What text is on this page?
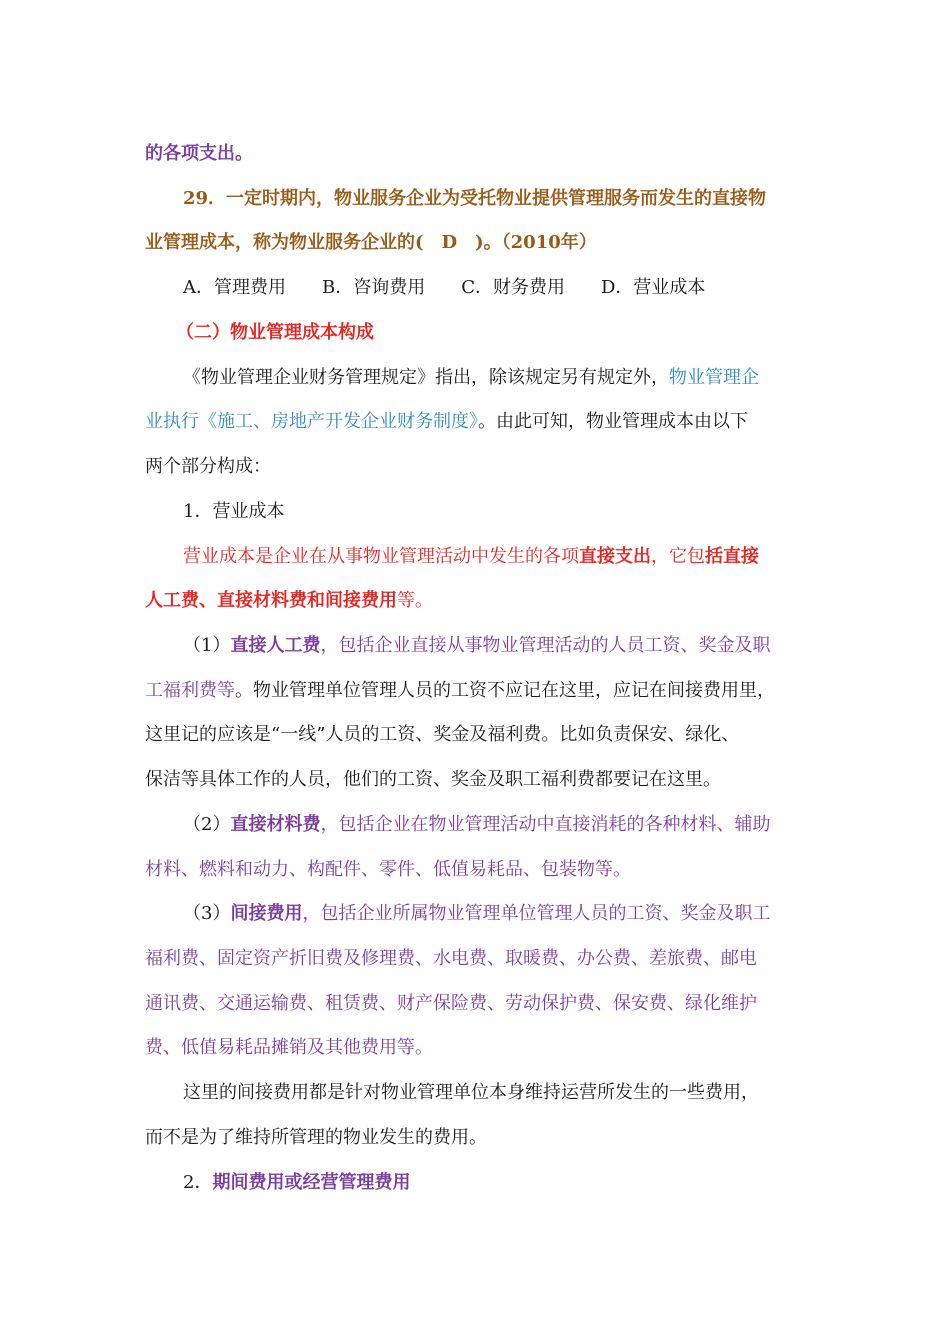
的各项支出。
29．一定时期内，物业服务企业为受托物业提供管理服务而发生的直接物
业管理成本，称为物业服务企业的(　D　)。（2010年）
A．管理费用　　B．咨询费用　　C．财务费用　　D．营业成本
（二）物业管理成本构成
《物业管理企业财务管理规定》指出，除该规定另有规定外，物业管理企
业执行《施工、房地产开发企业财务制度》。由此可知，物业管理成本由以下
两个部分构成：
1．营业成本
营业成本是企业在从事物业管理活动中发生的各项直接支出，它包括直接
人工费、直接材料费和间接费用等。
（1）直接人工费，包括企业直接从事物业管理活动的人员工资、奖金及职
工福利费等。物业管理单位管理人员的工资不应记在这里，应记在间接费用里，
这里记的应该是“一线”人员的工资、奖金及福利费。比如负责保安、绿化、
保洁等具体工作的人员，他们的工资、奖金及职工福利费都要记在这里。
（2）直接材料费，包括企业在物业管理活动中直接消耗的各种材料、辅助
材料、燃料和动力、构配件、零件、低值易耗品、包装物等。
（3）间接费用，包括企业所属物业管理单位管理人员的工资、奖金及职工
福利费、固定资产折旧费及修理费、水电费、取暖费、办公费、差旅费、邮电
通讯费、交通运输费、租赁费、财产保险费、劳动保护费、保安费、绿化维护
费、低值易耗品摊销及其他费用等。
这里的间接费用都是针对物业管理单位本身维持运营所发生的一些费用，
而不是为了维持所管理的物业发生的费用。
2．期间费用或经营管理费用
